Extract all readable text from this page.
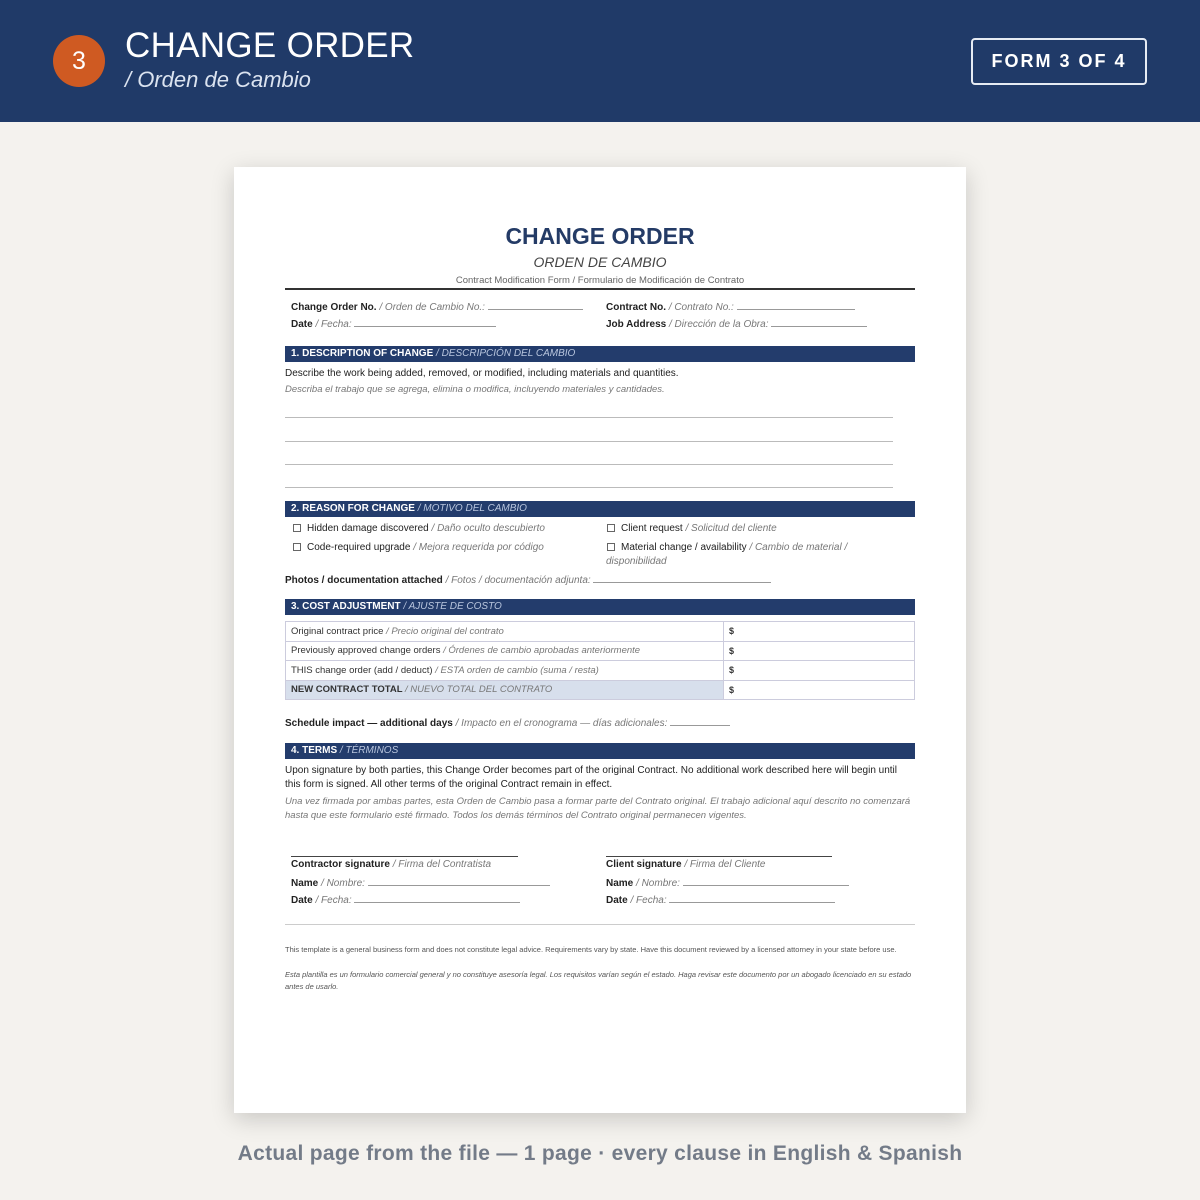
3	CHANGE ORDER
/ Orden de Cambio
FORM 3 OF 4
CHANGE ORDER
ORDEN DE CAMBIO
Contract Modification Form / Formulario de Modificación de Contrato
Change Order No. / Orden de Cambio No.:	Contract No. / Contrato No.:
Date / Fecha:	Job Address / Dirección de la Obra:
1. DESCRIPTION OF CHANGE / DESCRIPCIÓN DEL CAMBIO
Describe the work being added, removed, or modified, including materials and quantities.
Describa el trabajo que se agrega, elimina o modifica, incluyendo materiales y cantidades.
2. REASON FOR CHANGE / MOTIVO DEL CAMBIO
Hidden damage discovered / Daño oculto descubierto
Code-required upgrade / Mejora requerida por código
Client request / Solicitud del cliente
Material change / availability / Cambio de material /
disponibilidad
Photos / documentation attached / Fotos / documentación adjunta:
3. COST ADJUSTMENT / AJUSTE DE COSTO
Original contract price / Precio original del contrato	$
Previously approved change orders / Órdenes de cambio aprobadas anteriormente	$
THIS change order (add / deduct) / ESTA orden de cambio (suma / resta)	$
NEW CONTRACT TOTAL / NUEVO TOTAL DEL CONTRATO	$
Schedule impact — additional days / Impacto en el cronograma — días adicionales:
4. TERMS / TÉRMINOS
Upon signature by both parties, this Change Order becomes part of the original Contract. No additional work described here will begin until this form is signed. All other terms of the original Contract remain in effect.
Una vez firmada por ambas partes, esta Orden de Cambio pasa a formar parte del Contrato original. El trabajo adicional aquí descrito no comenzará hasta que este formulario esté firmado. Todos los demás términos del Contrato original permanecen vigentes.
Contractor signature / Firma del Contratista	Client signature / Firma del Cliente
Name / Nombre:	Name / Nombre:
Date / Fecha:	Date / Fecha:
This template is a general business form and does not constitute legal advice. Requirements vary by state. Have this document reviewed by a licensed attorney in your state before use.
Esta plantilla es un formulario comercial general y no constituye asesoría legal. Los requisitos varían según el estado. Haga revisar este documento por un abogado licenciado en su estado antes de usarlo.
Actual page from the file — 1 page · every clause in English & Spanish
